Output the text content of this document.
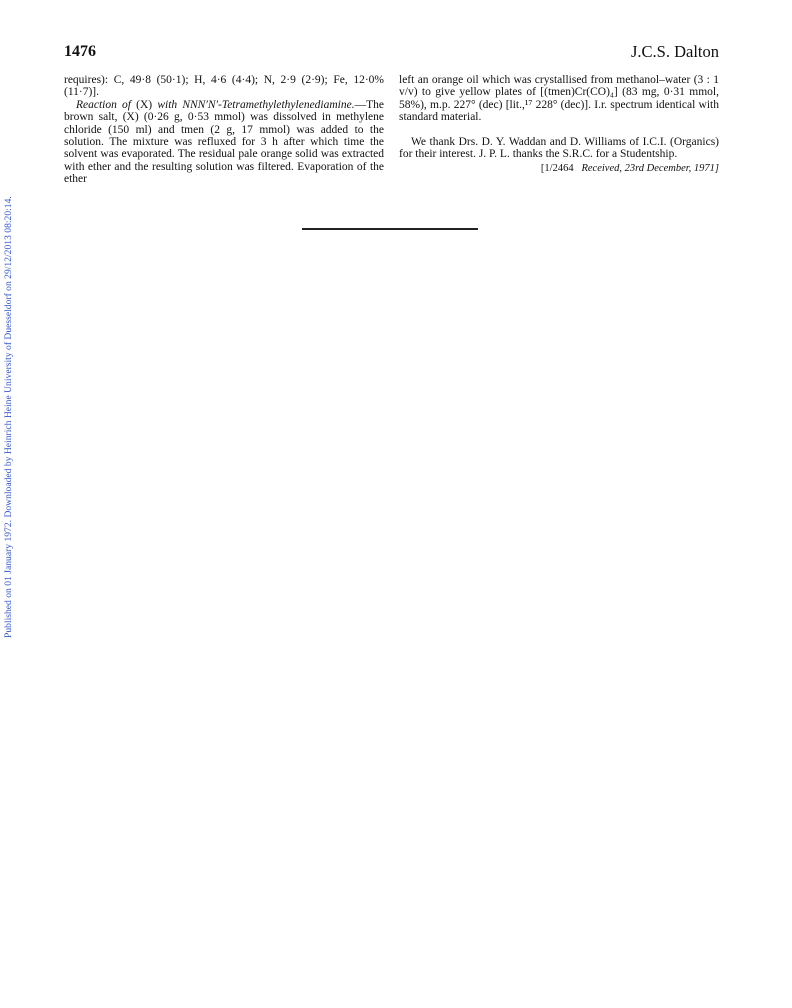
Published on 01 January 1972. Downloaded by Heinrich Heine University of Duesseldorf on 29/12/2013 08:20:14.
1476	J.C.S. Dalton

requires): C, 49·8 (50·1); H, 4·6 (4·4); N, 2·9 (2·9); Fe, 12·0% (11·7)].

Reaction of (X) with NNN′N′-Tetramethylethylenediamine.—The brown salt, (X) (0·26 g, 0·53 mmol) was dissolved in methylene chloride (150 ml) and tmen (2 g, 17 mmol) was added to the solution. The mixture was refluxed for 3 h after which time the solvent was evaporated. The residual pale orange solid was extracted with ether and the resulting solution was filtered. Evaporation of the ether

left an orange oil which was crystallised from methanol–water (3 : 1 v/v) to give yellow plates of [(tmen)Cr(CO)₄] (83 mg, 0·31 mmol, 58%), m.p. 227° (dec) [lit.,¹⁷ 228° (dec)]. I.r. spectrum identical with standard material.

We thank Drs. D. Y. Waddan and D. Williams of I.C.I. (Organics) for their interest. J. P. L. thanks the S.R.C. for a Studentship.

[1/2464 Received, 23rd December, 1971]
